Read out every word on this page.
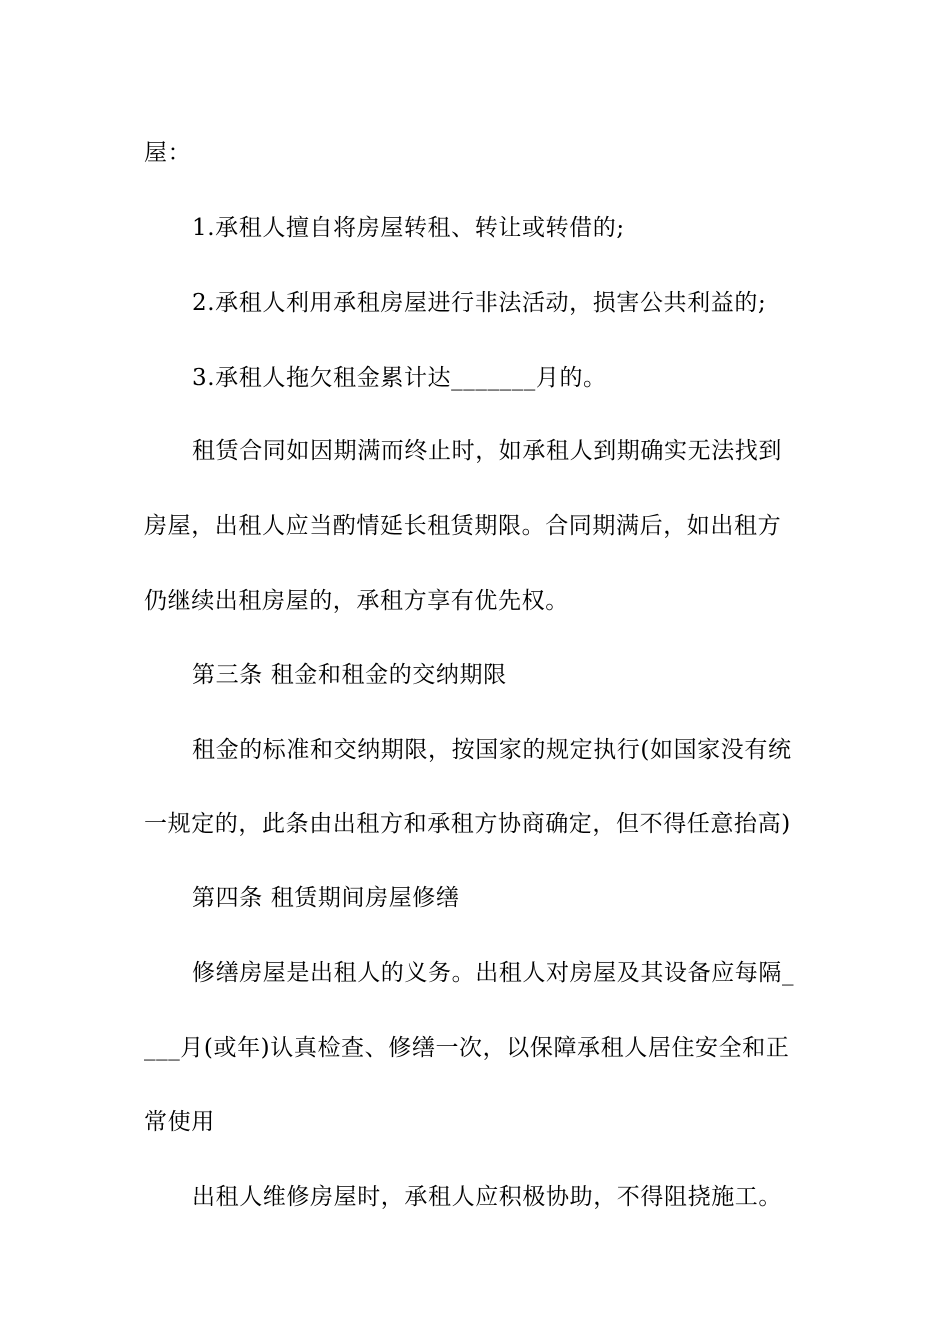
屋：
1.承租人擅自将房屋转租、转让或转借的;
2.承租人利用承租房屋进行非法活动，损害公共利益的;
3.承租人拖欠租金累计达_______月的。
租赁合同如因期满而终止时，如承租人到期确实无法找到
房屋，出租人应当酌情延长租赁期限。合同期满后，如出租方
仍继续出租房屋的，承租方享有优先权。
第三条 租金和租金的交纳期限
租金的标准和交纳期限，按国家的规定执行(如国家没有统
一规定的，此条由出租方和承租方协商确定，但不得任意抬高)
第四条 租赁期间房屋修缮
修缮房屋是出租人的义务。出租人对房屋及其设备应每隔_
___月(或年)认真检查、修缮一次，以保障承租人居住安全和正
常使用
出租人维修房屋时，承租人应积极协助，不得阻挠施工。
